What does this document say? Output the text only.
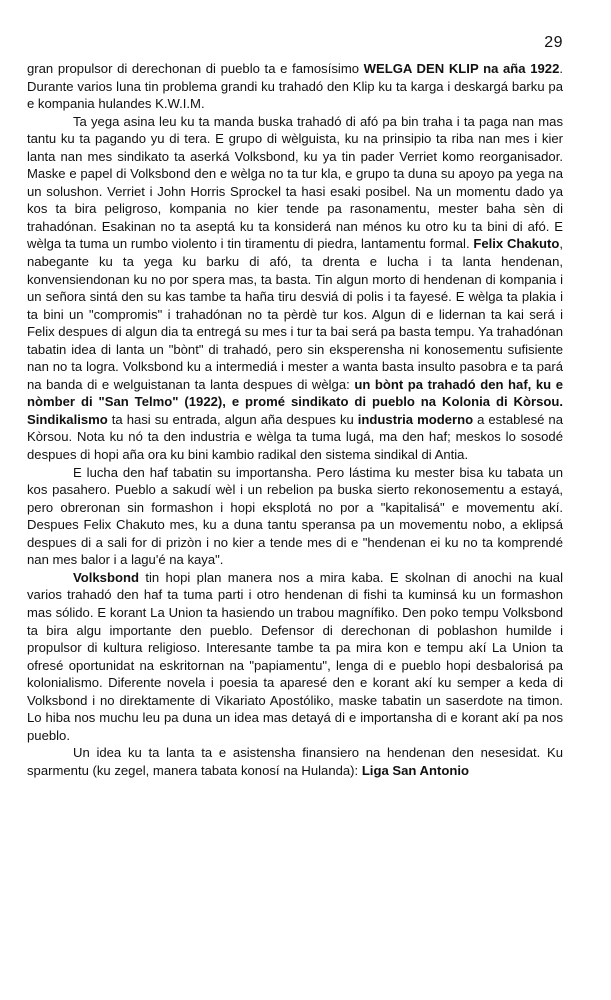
29

gran propulsor di derechonan di pueblo ta e famosísimo WELGA DEN KLIP na aña 1922. Durante varios luna tin problema grandi ku trahadó den Klip ku ta karga i deskargá barku pa e kompania hulandes K.W.I.M.

Ta yega asina leu ku ta manda buska trahadó di afó pa bin traha i ta paga nan mas tantu ku ta pagando yu di tera. E grupo di wèlguista, ku na prinsipio ta riba nan mes i kier lanta nan mes sindikato ta aserká Volksbond, ku ya tin pader Verriet komo reorganisador. Maske e papel di Volksbond den e wèlga no ta tur kla, e grupo ta duna su apoyo pa yega na un solushon. Verriet i John Horris Sprockel ta hasi esaki posibel. Na un momentu dado ya kos ta bira peligroso, kompania no kier tende pa rasonamentu, mester baha sèn di trahadónan. Esakinan no ta aseptá ku ta konsiderá nan ménos ku otro ku ta bini di afó. E wèlga ta tuma un rumbo violento i tin tiramentu di piedra, lantamentu formal. Felix Chakuto, nabegante ku ta yega ku barku di afó, ta drenta e lucha i ta lanta hendenan, konvensiendonan ku no por spera mas, ta basta. Tin algun morto di hendenan di kompania i un señora sintá den su kas tambe ta haña tiru desviá di polis i ta fayesé. E wèlga ta plakia i ta bini un "compromis" i trahadónan no ta pèrdè tur kos. Algun di e lidernan ta kai será i Felix despues di algun dia ta entregá su mes i tur ta bai será pa basta tempu. Ya trahadónan tabatin idea di lanta un "bònt" di trahadó, pero sin eksperensha ni konosementu sufisiente nan no ta logra. Volksbond ku a intermediá i mester a wanta basta insulto pasobra e ta pará na banda di e welguistanan ta lanta despues di wèlga: un bònt pa trahadó den haf, ku e nòmber di "San Telmo" (1922), e promé sindikato di pueblo na Kolonia di Kòrsou. Sindikalismo ta hasi su entrada, algun aña despues ku industria moderno a establesé na Kòrsou. Nota ku nó ta den industria e wèlga ta tuma lugá, ma den haf; meskos lo sosodé despues di hopi aña ora ku bini kambio radikal den sistema sindikal di Antia.

E lucha den haf tabatin su importansha. Pero lástima ku mester bisa ku tabata un kos pasahero. Pueblo a sakudí wèl i un rebelion pa buska sierto rekonosementu a estayá, pero obreronan sin formashon i hopi eksplotá no por a "kapitalisá" e movementu akí. Despues Felix Chakuto mes, ku a duna tantu speransa pa un movementu nobo, a eklipsá despues di a sali for di prizòn i no kier a tende mes di e "hendenan ei ku no ta komprendé nan mes balor i a lagu'é na kaya".

Volksbond tin hopi plan manera nos a mira kaba. E skolnan di anochi na kual varios trahadó den haf ta tuma parti i otro hendenan di fishi ta kuminsá ku un formashon mas sólido. E korant La Union ta hasiendo un trabou magnífiko. Den poko tempu Volksbond ta bira algu importante den pueblo. Defensor di derechonan di poblashon humilde i propulsor di kultura religioso. Interesante tambe ta pa mira kon e tempu akí La Union ta ofresé oportunidat na eskritornan na "papiamentu", lenga di e pueblo hopi desbalorisá pa kolonialismo. Diferente novela i poesia ta aparesé den e korant akí ku semper a keda di Volksbond i no direktamente di Vikariato Apostóliko, maske tabatin un saserdote na timon. Lo hiba nos muchu leu pa duna un idea mas detayá di e importansha di e korant akí pa nos pueblo.

Un idea ku ta lanta ta e asistensha finansiero na hendenan den nesesidat. Ku sparmentu (ku zegel, manera tabata konosí na Hulanda): Liga San Antonio
